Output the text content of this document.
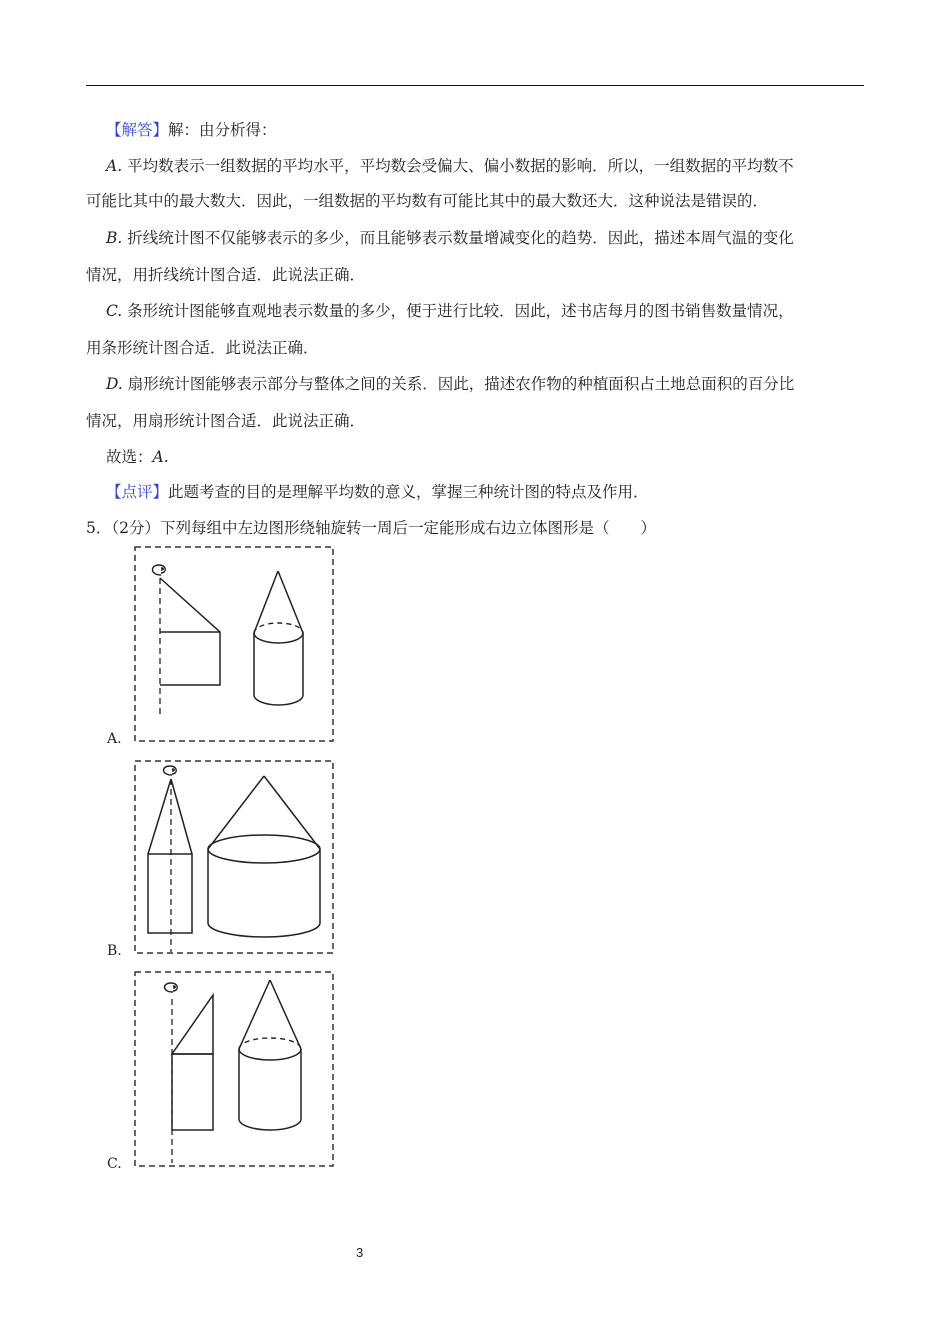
【解答】解：由分析得：
A. 平均数表示一组数据的平均水平，平均数会受偏大、偏小数据的影响．所以，一组数据的平均数不
可能比其中的最大数大．因此，一组数据的平均数有可能比其中的最大数还大．这种说法是错误的．
B. 折线统计图不仅能够表示的多少，而且能够表示数量增减变化的趋势．因此，描述本周气温的变化
情况，用折线统计图合适．此说法正确．
C. 条形统计图能够直观地表示数量的多少，便于进行比较．因此，述书店每月的图书销售数量情况，
用条形统计图合适．此说法正确．
D. 扇形统计图能够表示部分与整体之间的关系．因此，描述农作物的种植面积占土地总面积的百分比
情况，用扇形统计图合适．此说法正确．
故选：A.
【点评】此题考查的目的是理解平均数的意义，掌握三种统计图的特点及作用．
5．（2分）下列每组中左边图形绕轴旋转一周后一定能形成右边立体图形是（　　）
A.
B.
C.
3
